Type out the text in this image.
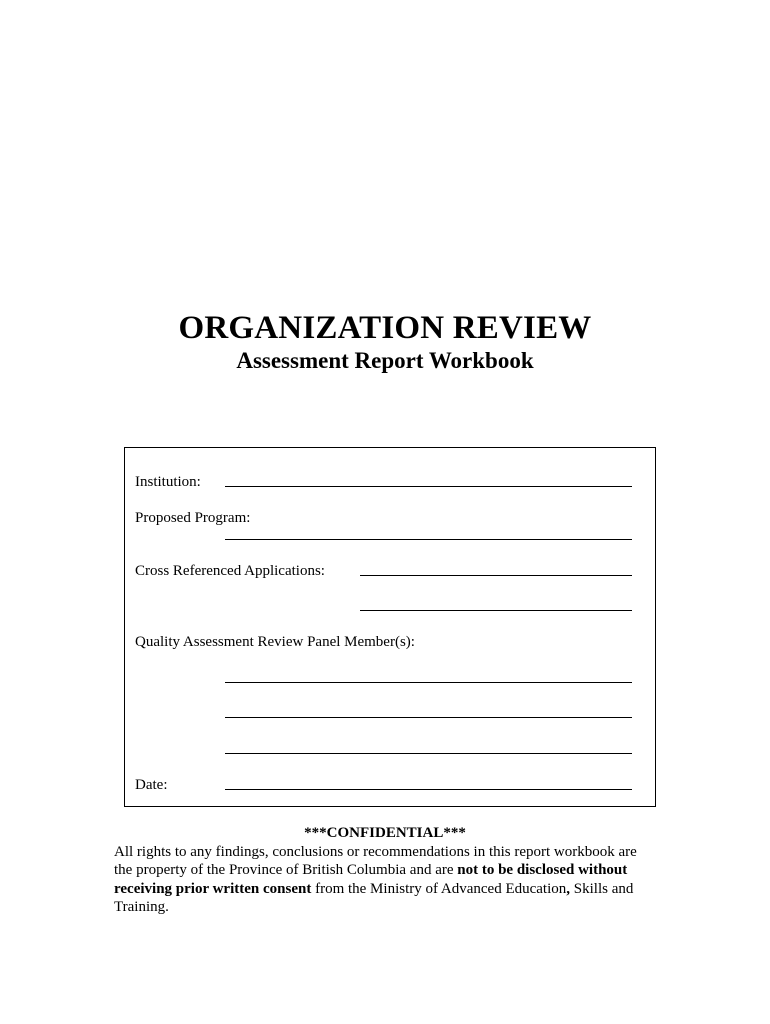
ORGANIZATION REVIEW
Assessment Report Workbook
Institution:
Proposed Program:
Cross Referenced Applications:
Quality Assessment Review Panel Member(s):
Date:
***CONFIDENTIAL***
All rights to any findings, conclusions or recommendations in this report workbook are the property of the Province of British Columbia and are not to be disclosed without receiving prior written consent from the Ministry of Advanced Education, Skills and Training.
